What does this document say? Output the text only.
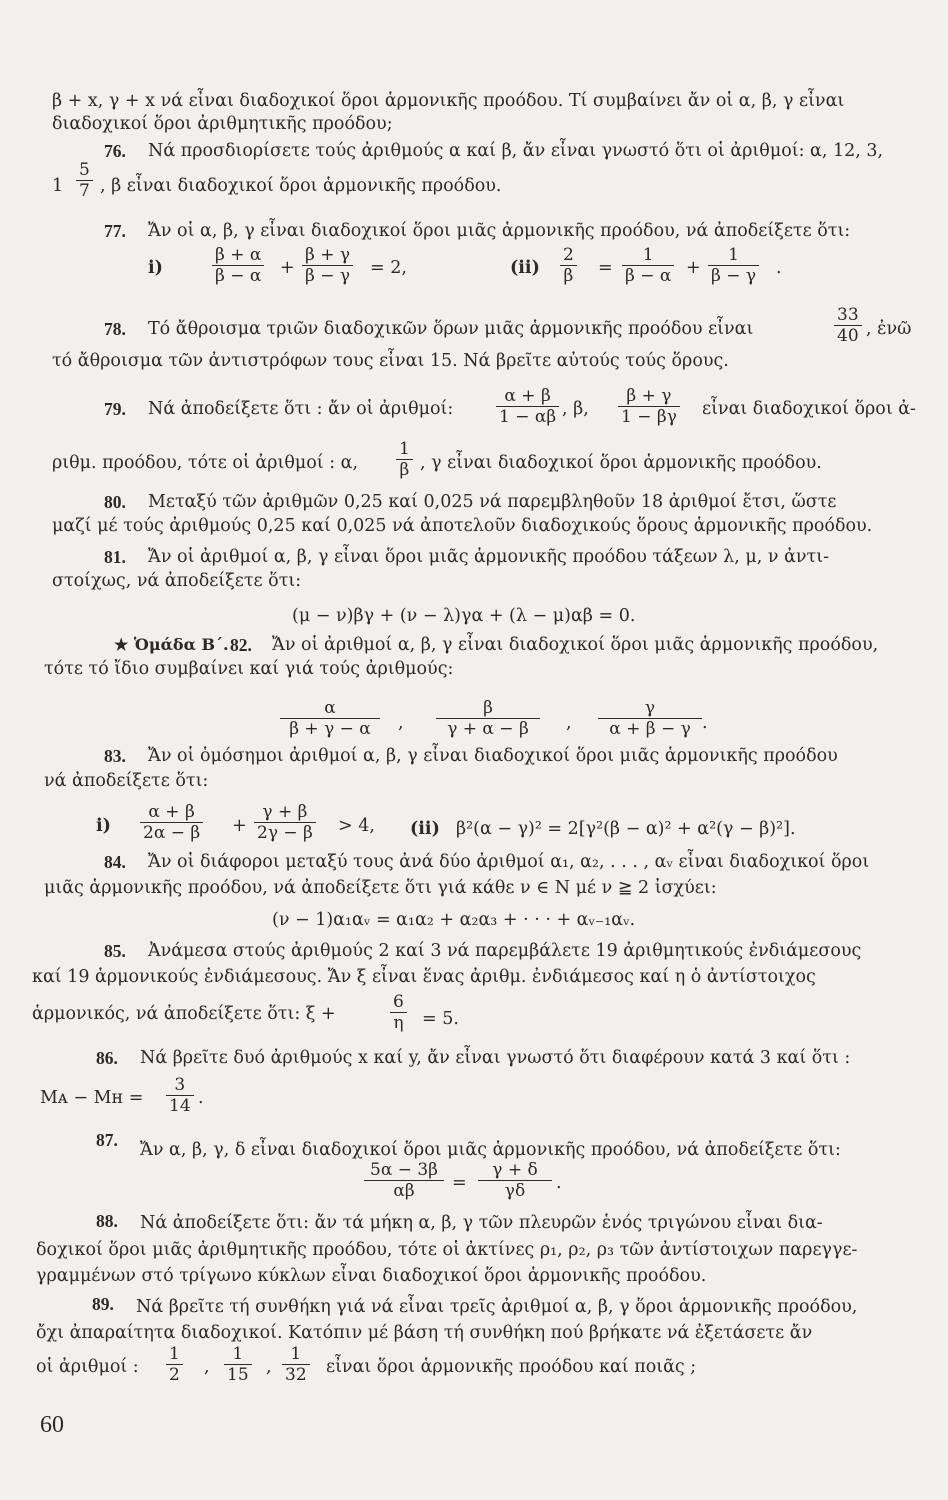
β + x, γ + x νά εἶναι διαδοχικοί ὅροι ἁρμονικῆς προόδου. Τί συμβαίνει ἄν οἱ α, β, γ εἶναι
διαδοχικοί ὅροι ἀριθμητικῆς προόδου;
76. Νά προσδιορίσετε τούς ἀριθμούς α καί β, ἄν εἶναι γνωστό ὅτι οἱ ἀριθμοί: α, 12, 3,
$1 \frac{5}{7}$ , β εἶναι διαδοχικοί ὅροι ἁρμονικῆς προόδου.
77. Ἄν οἱ α, β, γ εἶναι διαδοχικοί ὅροι μιᾶς ἁρμονικῆς προόδου, νά ἀποδείξετε ὅτι:
i)	$\frac{\beta + \alpha}{\beta - \alpha} + \frac{\beta + \gamma}{\beta - \gamma} = 2$,	$(ii) \frac{2}{\beta} = \frac{1}{\beta - \alpha} + \frac{1}{\beta - \gamma}$ .
78. Τό ἄθροισμα τριῶν διαδοχικῶν ὅρων μιᾶς ἁρμονικῆς προόδου εἶναι	$\frac{33}{40}$ , ἐνῶ
τό ἄθροισμα τῶν ἀντιστρόφων τους εἶναι 15. Νά βρεῖτε αὐτούς τούς ὅρους.
79. Νά ἀποδείξετε ὅτι : ἄν οἱ ἀριθμοί:	$\frac{\alpha + \beta}{1 - \alpha\beta}$ , β, $\frac{\beta + \gamma}{1 - \beta\gamma}$ εἶναι διαδοχικοί ὅροι ἀ-
ριθμ. προόδου, τότε οἱ ἀριθμοί : α, $\frac{1}{\beta}$ , γ εἶναι διαδοχικοί ὅροι ἁρμονικῆς προόδου.
80. Μεταξύ τῶν ἀριθμῶν 0,25 καί 0,025 νά παρεμβληθοῦν 18 ἀριθμοί ἔτσι, ὥστε
μαζί μέ τούς ἀριθμούς 0,25 καί 0,025 νά ἀποτελοῦν διαδοχικούς ὅρους ἁρμονικῆς προόδου.
81. Ἄν οἱ ἀριθμοί α, β, γ εἶναι ὅροι μιᾶς ἁρμονικῆς προόδου τάξεων λ, μ, ν ἀντι-
στοίχως, νά ἀποδείξετε ὅτι:
(μ − ν)βγ + (ν − λ)γα + (λ − μ)αβ = 0.
★ Ὁμάδα Β΄. 82. Ἄν οἱ ἀριθμοί α, β, γ εἶναι διαδοχικοί ὅροι μιᾶς ἁρμονικῆς προόδου,
τότε τό ἴδιο συμβαίνει καί γιά τούς ἀριθμούς:
$\frac{\alpha}{\beta + \gamma - \alpha}$ , $\frac{\beta}{\gamma + \alpha - \beta}$ , $\frac{\gamma}{\alpha + \beta - \gamma}$ .
83. Ἄν οἱ ὁμόσημοι ἀριθμοί α, β, γ εἶναι διαδοχικοί ὅροι μιᾶς ἁρμονικῆς προόδου
νά ἀποδείξετε ὅτι:
$i) \frac{\alpha + \beta}{2\alpha - \beta} + \frac{\gamma + \beta}{2\gamma - \beta} > 4$, (ii) β²(α − γ)² = 2[γ²(β − α)² + α²(γ − β)²].
84. Ἄν οἱ διάφοροι μεταξύ τους ἀνά δύο ἀριθμοί α₁, α₂, . . . , αᵥ εἶναι διαδοχικοί ὅροι
μιᾶς ἁρμονικῆς προόδου, νά ἀποδείξετε ὅτι γιά κάθε ν ∈ N μέ ν ≧ 2 ἰσχύει:
(ν − 1)α₁αᵥ = α₁α₂ + α₂α₃ + · · · + αᵥ₋₁αᵥ.
85. Ἀνάμεσα στούς ἀριθμούς 2 καί 3 νά παρεμβάλετε 19 ἀριθμητικούς ἐνδιάμεσους
καί 19 ἁρμονικούς ἐνδιάμεσους. Ἄν ξ εἶναι ἕνας ἀριθμ. ἐνδιάμεσος καί η ὁ ἀντίστοιχος
ἁρμονικός, νά ἀποδείξετε ὅτι: ξ +	$\frac{6}{\eta} = 5$.
86. Νά βρεῖτε δυό ἀριθμούς x καί y, ἄν εἶναι γνωστό ὅτι διαφέρουν κατά 3 καί ὅτι :
Mᴀ − Mʜ = $\frac{3}{14}$ .
87. Ἄν α, β, γ, δ εἶναι διαδοχικοί ὅροι μιᾶς ἁρμονικῆς προόδου, νά ἀποδείξετε ὅτι:
$\frac{5\alpha - 3\beta}{\alpha\beta} = \frac{\gamma + \delta}{\gamma\delta}$ .
88. Νά ἀποδείξετε ὅτι: ἄν τά μήκη α, β, γ τῶν πλευρῶν ἑνός τριγώνου εἶναι δια-
δοχικοί ὅροι μιᾶς ἀριθμητικῆς προόδου, τότε οἱ ἀκτίνες ρ₁, ρ₂, ρ₃ τῶν ἀντίστοιχων παρεγγε-
γραμμένων στό τρίγωνο κύκλων εἶναι διαδοχικοί ὅροι ἁρμονικῆς προόδου.
89. Νά βρεῖτε τή συνθήκη γιά νά εἶναι τρεῖς ἀριθμοί α, β, γ ὅροι ἁρμονικῆς προόδου,
ὄχι ἀπαραίτητα διαδοχικοί. Κατόπιν μέ βάση τή συνθήκη πού βρήκατε νά ἐξετάσετε ἄν
οἱ ἀριθμοί : $\frac{1}{2}$ , $\frac{1}{15}$ , $\frac{1}{32}$ εἶναι ὅροι ἁρμονικῆς προόδου καί ποιᾶς ;
60
